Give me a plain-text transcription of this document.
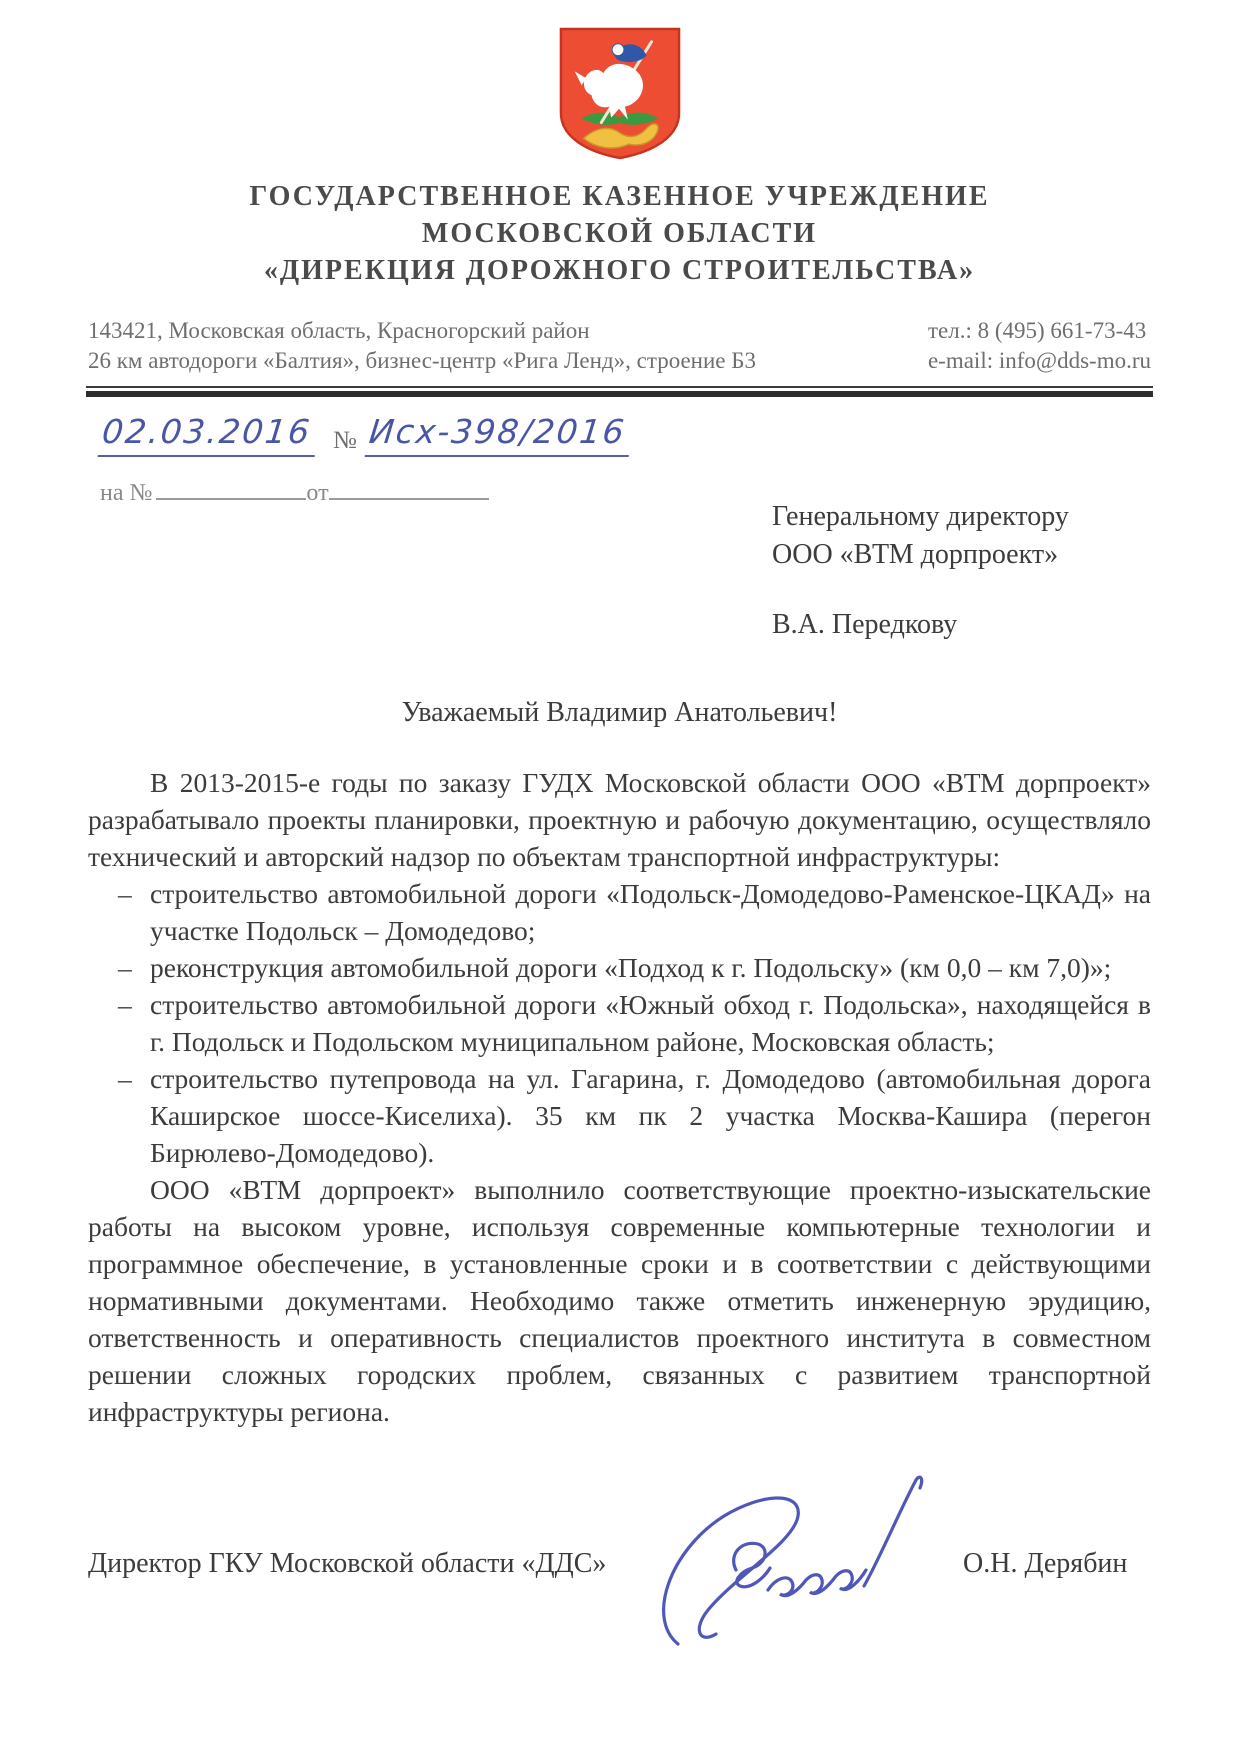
ГОСУДАРСТВЕННОЕ КАЗЕННОЕ УЧРЕЖДЕНИЕ
МОСКОВСКОЙ ОБЛАСТИ
«ДИРЕКЦИЯ ДОРОЖНОГО СТРОИТЕЛЬСТВА»
143421, Московская область, Красногорский район
26 км автодороги «Балтия», бизнес-центр «Рига Ленд», строение Б3
тел.: 8 (495) 661-73-43
e-mail: info@dds-mo.ru
02.03.2016 № Исх-398/2016
на №	от
Генеральному директору
ООО «ВТМ дорпроект»
В.А. Передкову
Уважаемый Владимир Анатольевич!

В 2013-2015-е годы по заказу ГУДХ Московской области ООО «ВТМ дорпроект» разрабатывало проекты планировки, проектную и рабочую документацию, осуществляло технический и авторский надзор по объектам транспортной инфраструктуры:

– строительство автомобильной дороги «Подольск-Домодедово-Раменское-ЦКАД» на участке Подольск – Домодедово;
– реконструкция автомобильной дороги «Подход к г. Подольску» (км 0,0 – км 7,0)»;
– строительство автомобильной дороги «Южный обход г. Подольска», находящейся в г. Подольск и Подольском муниципальном районе, Московская область;
– строительство путепровода на ул. Гагарина, г. Домодедово (автомобильная дорога Каширское шоссе-Киселиха). 35 км пк 2 участка Москва-Кашира (перегон Бирюлево-Домодедово).

ООО «ВТМ дорпроект» выполнило соответствующие проектно-изыскательские работы на высоком уровне, используя современные компьютерные технологии и программное обеспечение, в установленные сроки и в соответствии с действующими нормативными документами. Необходимо также отметить инженерную эрудицию, ответственность и оперативность специалистов проектного института в совместном решении сложных городских проблем, связанных с развитием транспортной инфраструктуры региона.

Директор ГКУ Московской области «ДДС»	О.Н. Дерябин
